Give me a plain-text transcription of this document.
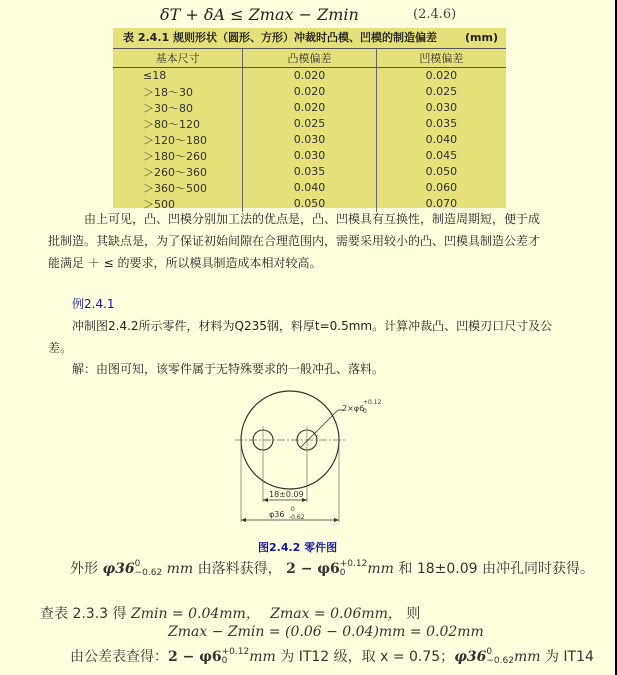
δT + δA ≤ Zmax − Zmin	(2.4.6)
表 2.4.1 规则形状（圆形、方形）冲裁时凸模、凹模的制造偏差	(mm)
基本尺寸	凸模偏差	凹模偏差
≤18	0.020	0.020
＞18～30	0.020	0.025
＞30～80	0.020	0.030
＞80～120	0.025	0.035
＞120～180	0.030	0.040
＞180～260	0.030	0.045
＞260～360	0.035	0.050
＞360～500	0.040	0.060
＞500	0.050	0.070
由上可见，凸、凹模分别加工法的优点是，凸、凹模具有互换性，制造周期短，便于成
批制造。其缺点是，为了保证初始间隙在合理范围内，需要采用较小的凸、凹模具制造公差才
能满足 ＋ ≤ 的要求，所以模具制造成本相对较高。
例2.4.1
冲制图2.4.2所示零件，材料为Q235钢，料厚t=0.5mm。计算冲裁凸、凹模刃口尺寸及公
差。
解：由图可知，该零件属于无特殊要求的一般冲孔、落料。
2×φ6
+0.12
0
18±0.09
φ36
0
-0.62
图2.4.2 零件图
外形 φ360
−0.62 mm 由落料获得， 2 − φ6+0.12
0 mm 和 18±0.09 由冲孔同时获得。
查表 2.3.3 得 Zmin = 0.04mm， Zmax = 0.06mm， 则
Zmax − Zmin = (0.06 − 0.04)mm = 0.02mm
由公差表查得：2 − φ6+0.12
0 mm 为 IT12 级，取 x = 0.75；φ360
−0.62mm 为 IT14
